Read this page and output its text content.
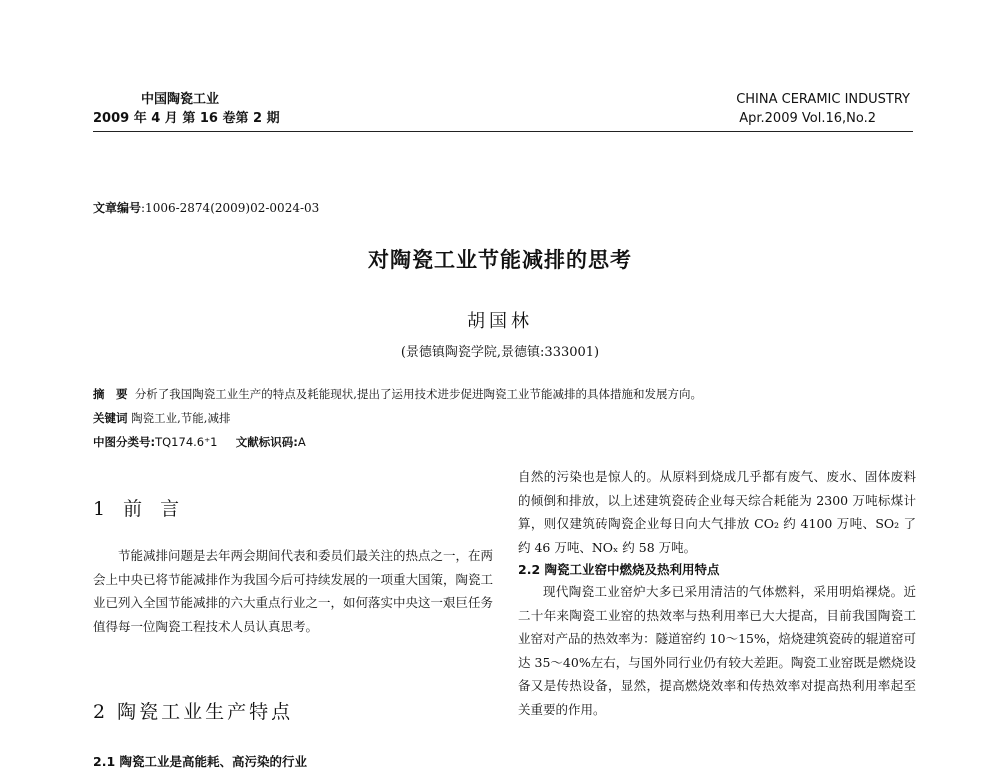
中国陶瓷工业
2009 年 4 月 第 16 卷第 2 期
CHINA CERAMIC INDUSTRY
Apr.2009 Vol.16,No.2
文章编号:1006-2874(2009)02-0024-03
对陶瓷工业节能减排的思考
胡国林
(景德镇陶瓷学院,景德镇:333001)
摘　要 分析了我国陶瓷工业生产的特点及耗能现状,提出了运用技术进步促进陶瓷工业节能减排的具体措施和发展方向。
关键词 陶瓷工业,节能,减排
中图分类号:TQ174.6⁺1 文献标识码:A
1 前 言

节能减排问题是去年两会期间代表和委员们最关注的热点之一，在两会上中央已将节能减排作为我国今后可持续发展的一项重大国策，陶瓷工业已列入全国节能减排的六大重点行业之一，如何落实中央这一艰巨任务值得每一位陶瓷工程技术人员认真思考。

2 陶瓷工业生产特点
2.1 陶瓷工业是高能耗、高污染的行业

自然的污染也是惊人的。从原料到烧成几乎都有废气、废水、固体废料的倾倒和排放，以上述建筑瓷砖企业每天综合耗能为 2300 万吨标煤计算，则仅建筑砖陶瓷企业每日向大气排放 CO₂ 约 4100 万吨、SO₂ 了约 46 万吨、NOₓ 约 58 万吨。

2.2 陶瓷工业窑中燃烧及热利用特点

现代陶瓷工业窑炉大多已采用清洁的气体燃料，采用明焰裸烧。近二十年来陶瓷工业窑的热效率与热利用率已大大提高，目前我国陶瓷工业窑对产品的热效率为：隧道窑约 10～15%，焙烧建筑瓷砖的辊道窑可达 35～40%左右，与国外同行业仍有较大差距。陶瓷工业窑既是燃烧设备又是传热设备，显然，提高燃烧效率和传热效率对提高热利用率起至关重要的作用。
